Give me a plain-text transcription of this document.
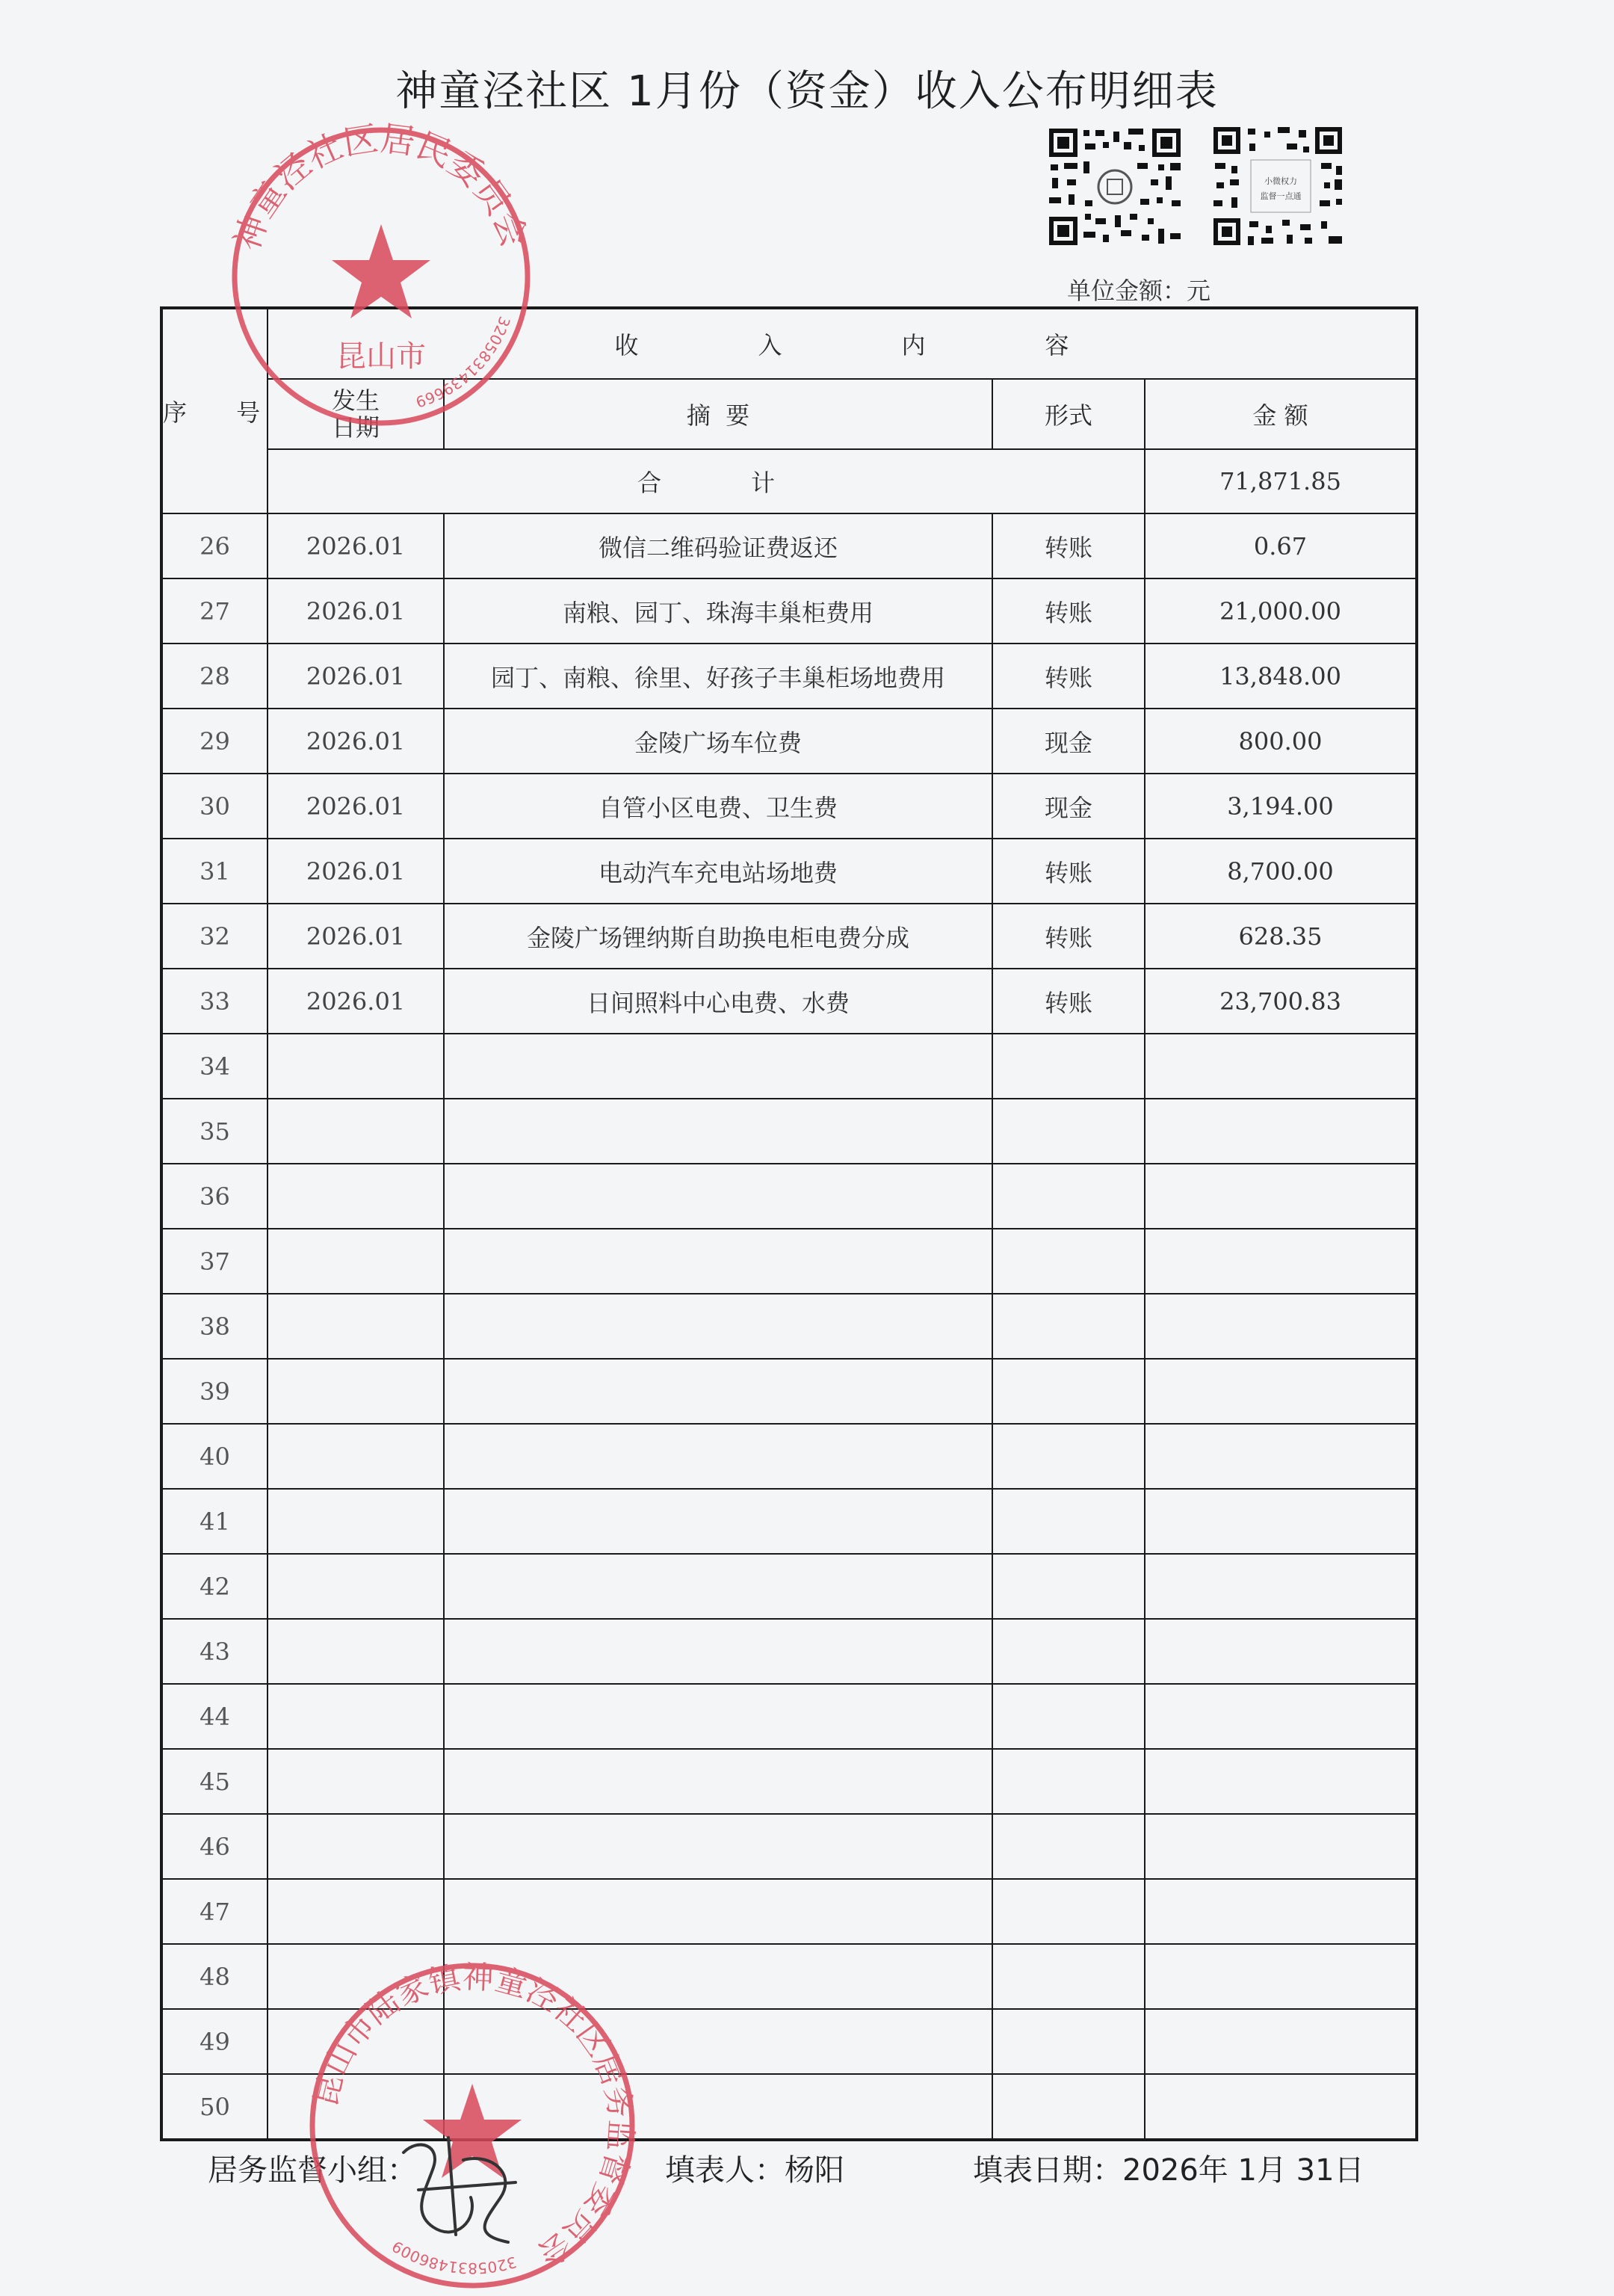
神童泾社区 1月份（资金）收入公布明细表
小微权力
监督一点通
单位金额：元
序 号	收 入 内 容			

	发生
日期	摘  要	形式	金 额
	合 计			71,871.85
26	2026.01	微信二维码验证费返还	转账	0.67
27	2026.01	南粮、园丁、珠海丰巢柜费用	转账	21,000.00
28	2026.01	园丁、南粮、徐里、好孩子丰巢柜场地费用	转账	13,848.00
29	2026.01	金陵广场车位费	现金	800.00
30	2026.01	自管小区电费、卫生费	现金	3,194.00
31	2026.01	电动汽车充电站场地费	转账	8,700.00
32	2026.01	金陵广场锂纳斯自助换电柜电费分成	转账	628.35
33	2026.01	日间照料中心电费、水费	转账	23,700.83
34				
35				
36				
37				
38				
39				
40				
41				
42				
43				
44				
45				
46				
47				
48				
49				
50				
居务监督小组：	填表人：杨阳	填表日期：2026年 1月 31日
神童泾社区居民委员会
3205831439669
昆山市
昆山市陆家镇神童泾社区居务监督委员会
3205831486009
